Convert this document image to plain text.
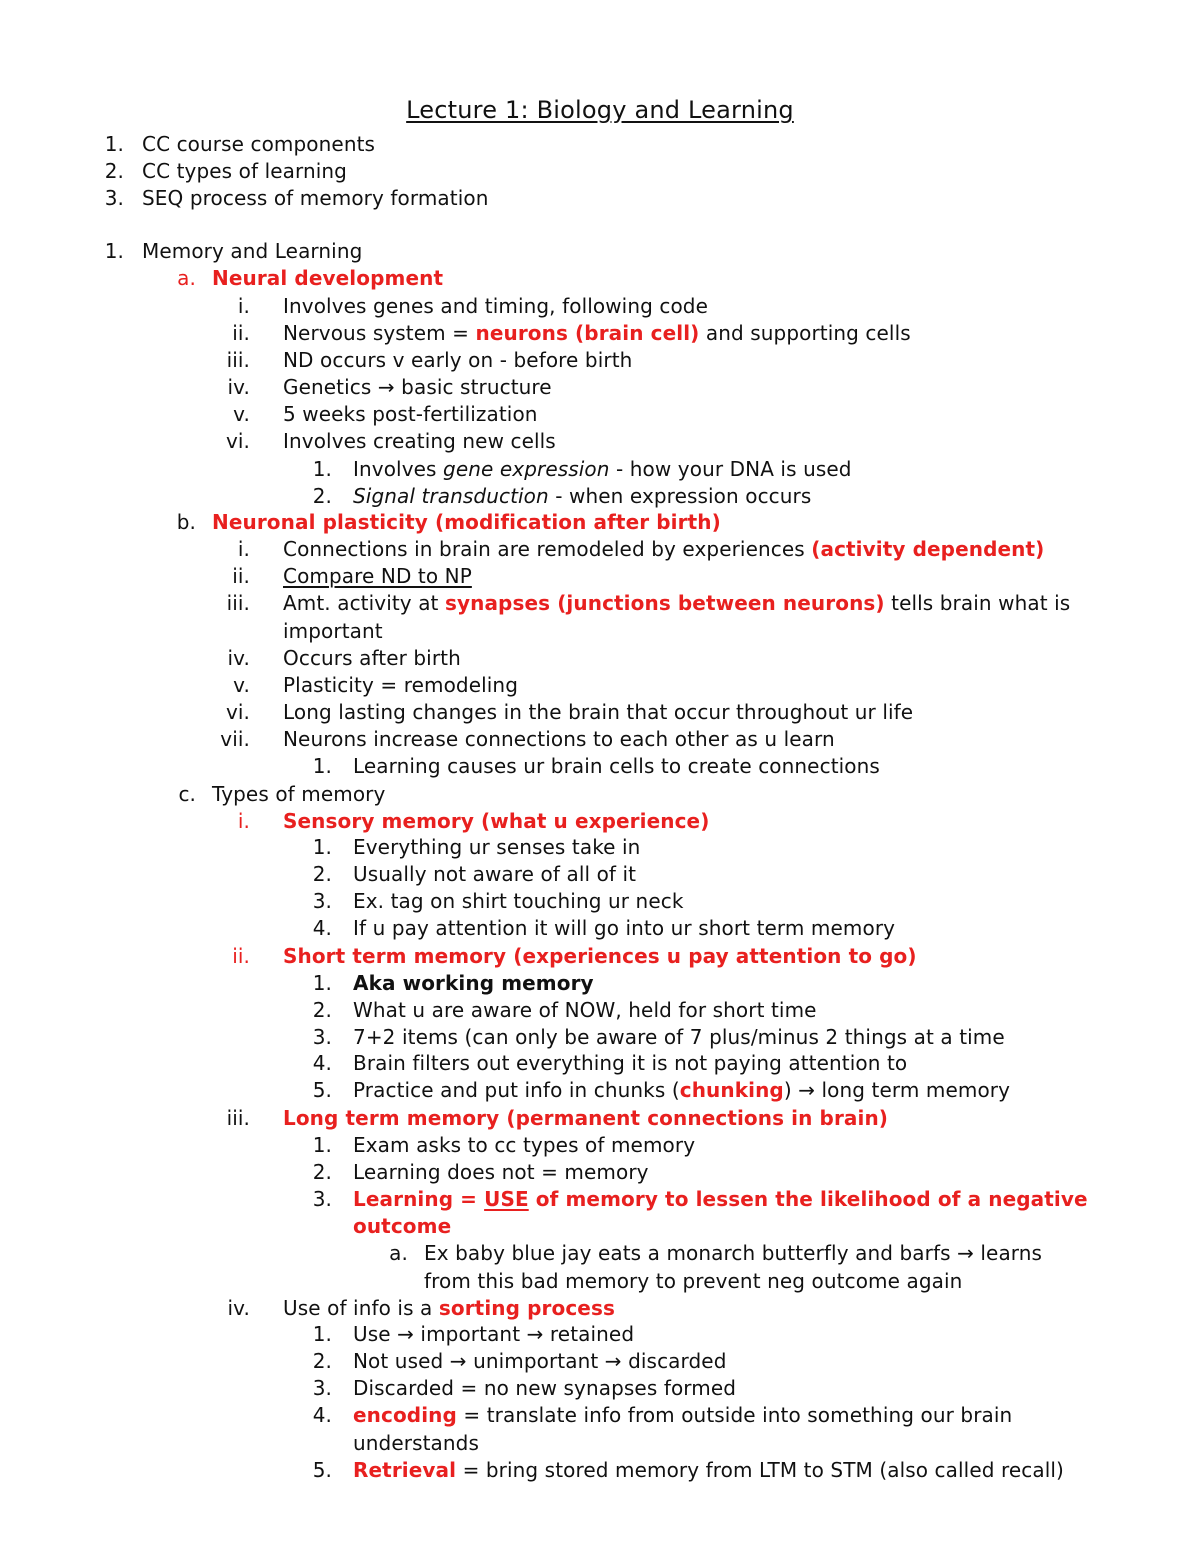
Lecture 1: Biology and Learning
1. CC course components
2. CC types of learning
3. SEQ process of memory formation
1. Memory and Learning
a. Neural development
i. Involves genes and timing, following code
ii. Nervous system = neurons (brain cell) and supporting cells
iii. ND occurs v early on - before birth
iv. Genetics → basic structure
v. 5 weeks post-fertilization
vi. Involves creating new cells
1. Involves gene expression - how your DNA is used
2. Signal transduction - when expression occurs
b. Neuronal plasticity (modification after birth)
i. Connections in brain are remodeled by experiences (activity dependent)
ii. Compare ND to NP
iii. Amt. activity at synapses (junctions between neurons) tells brain what is
important
iv. Occurs after birth
v. Plasticity = remodeling
vi. Long lasting changes in the brain that occur throughout ur life
vii. Neurons increase connections to each other as u learn
1. Learning causes ur brain cells to create connections
c. Types of memory
i. Sensory memory (what u experience)
1. Everything ur senses take in
2. Usually not aware of all of it
3. Ex. tag on shirt touching ur neck
4. If u pay attention it will go into ur short term memory
ii. Short term memory (experiences u pay attention to go)
1. Aka working memory
2. What u are aware of NOW, held for short time
3. 7+2 items (can only be aware of 7 plus/minus 2 things at a time
4. Brain filters out everything it is not paying attention to
5. Practice and put info in chunks (chunking) → long term memory
iii. Long term memory (permanent connections in brain)
1. Exam asks to cc types of memory
2. Learning does not = memory
3. Learning = USE of memory to lessen the likelihood of a negative
outcome
a. Ex baby blue jay eats a monarch butterfly and barfs → learns
from this bad memory to prevent neg outcome again
iv. Use of info is a sorting process
1. Use → important → retained
2. Not used → unimportant → discarded
3. Discarded = no new synapses formed
4. encoding = translate info from outside into something our brain
understands
5. Retrieval = bring stored memory from LTM to STM (also called recall)
